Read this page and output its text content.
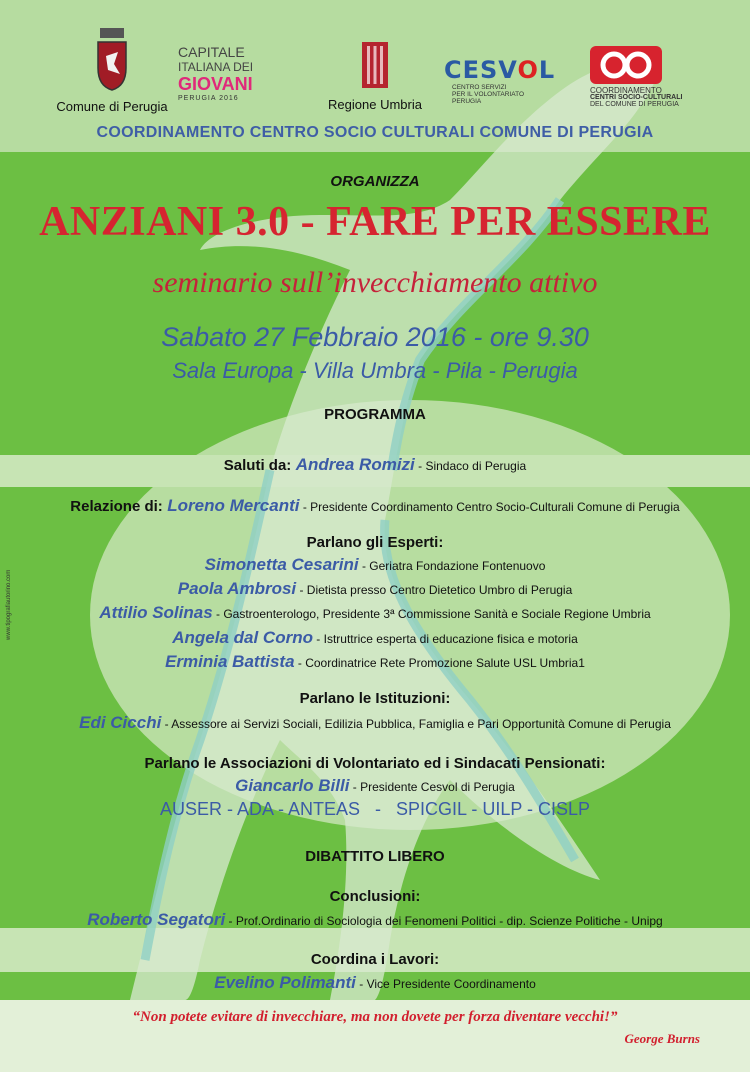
Comune di Perugia
CAPITALE
ITALIANA DEI
GIOVANI
PERUGIA 2016	Regione Umbria
CESVOL
CENTRO SERVIZI
PER IL VOLONTARIATO
PERUGIA
COORDINAMENTO
CENTRI SOCIO-CULTURALI
DEL COMUNE DI PERUGIA
COORDINAMENTO CENTRO SOCIO CULTURALI COMUNE DI PERUGIA
ORGANIZZA
ANZIANI 3.0 - FARE PER ESSERE
seminario sull’invecchiamento attivo
Sabato 27 Febbraio 2016 - ore 9.30
Sala Europa - Villa Umbra - Pila - Perugia
PROGRAMMA
Saluti da: Andrea Romizi - Sindaco di Perugia
Relazione di: Loreno Mercanti - Presidente Coordinamento Centro Socio-Culturali Comune di Perugia
Parlano gli Esperti:
Simonetta Cesarini - Geriatra Fondazione Fontenuovo
Paola Ambrosi - Dietista presso Centro Dietetico Umbro di Perugia
Attilio Solinas - Gastroenterologo, Presidente 3ª Commissione Sanità e Sociale Regione Umbria
Angela dal Corno - Istruttrice esperta di educazione fisica e motoria
Erminia Battista - Coordinatrice Rete Promozione Salute USL Umbria1
Parlano le Istituzioni:
Edi Cicchi - Assessore ai Servizi Sociali, Edilizia Pubblica, Famiglia e Pari Opportunità Comune di Perugia
Parlano le Associazioni di Volontariato ed i Sindacati Pensionati:
Giancarlo Billi - Presidente Cesvol di Perugia
AUSER - ADA - ANTEAS   -   SPICGIL - UILP - CISLP
DIBATTITO LIBERO
Conclusioni:
Roberto Segatori - Prof.Ordinario di Sociologia dei Fenomeni Politici - dip. Scienze Politiche - Unipg
Coordina i Lavori:
Evelino Polimanti - Vice Presidente Coordinamento
“Non potete evitare di invecchiare, ma non dovete per forza diventare vecchi!”
George Burns
www.tipografiautorino.com
